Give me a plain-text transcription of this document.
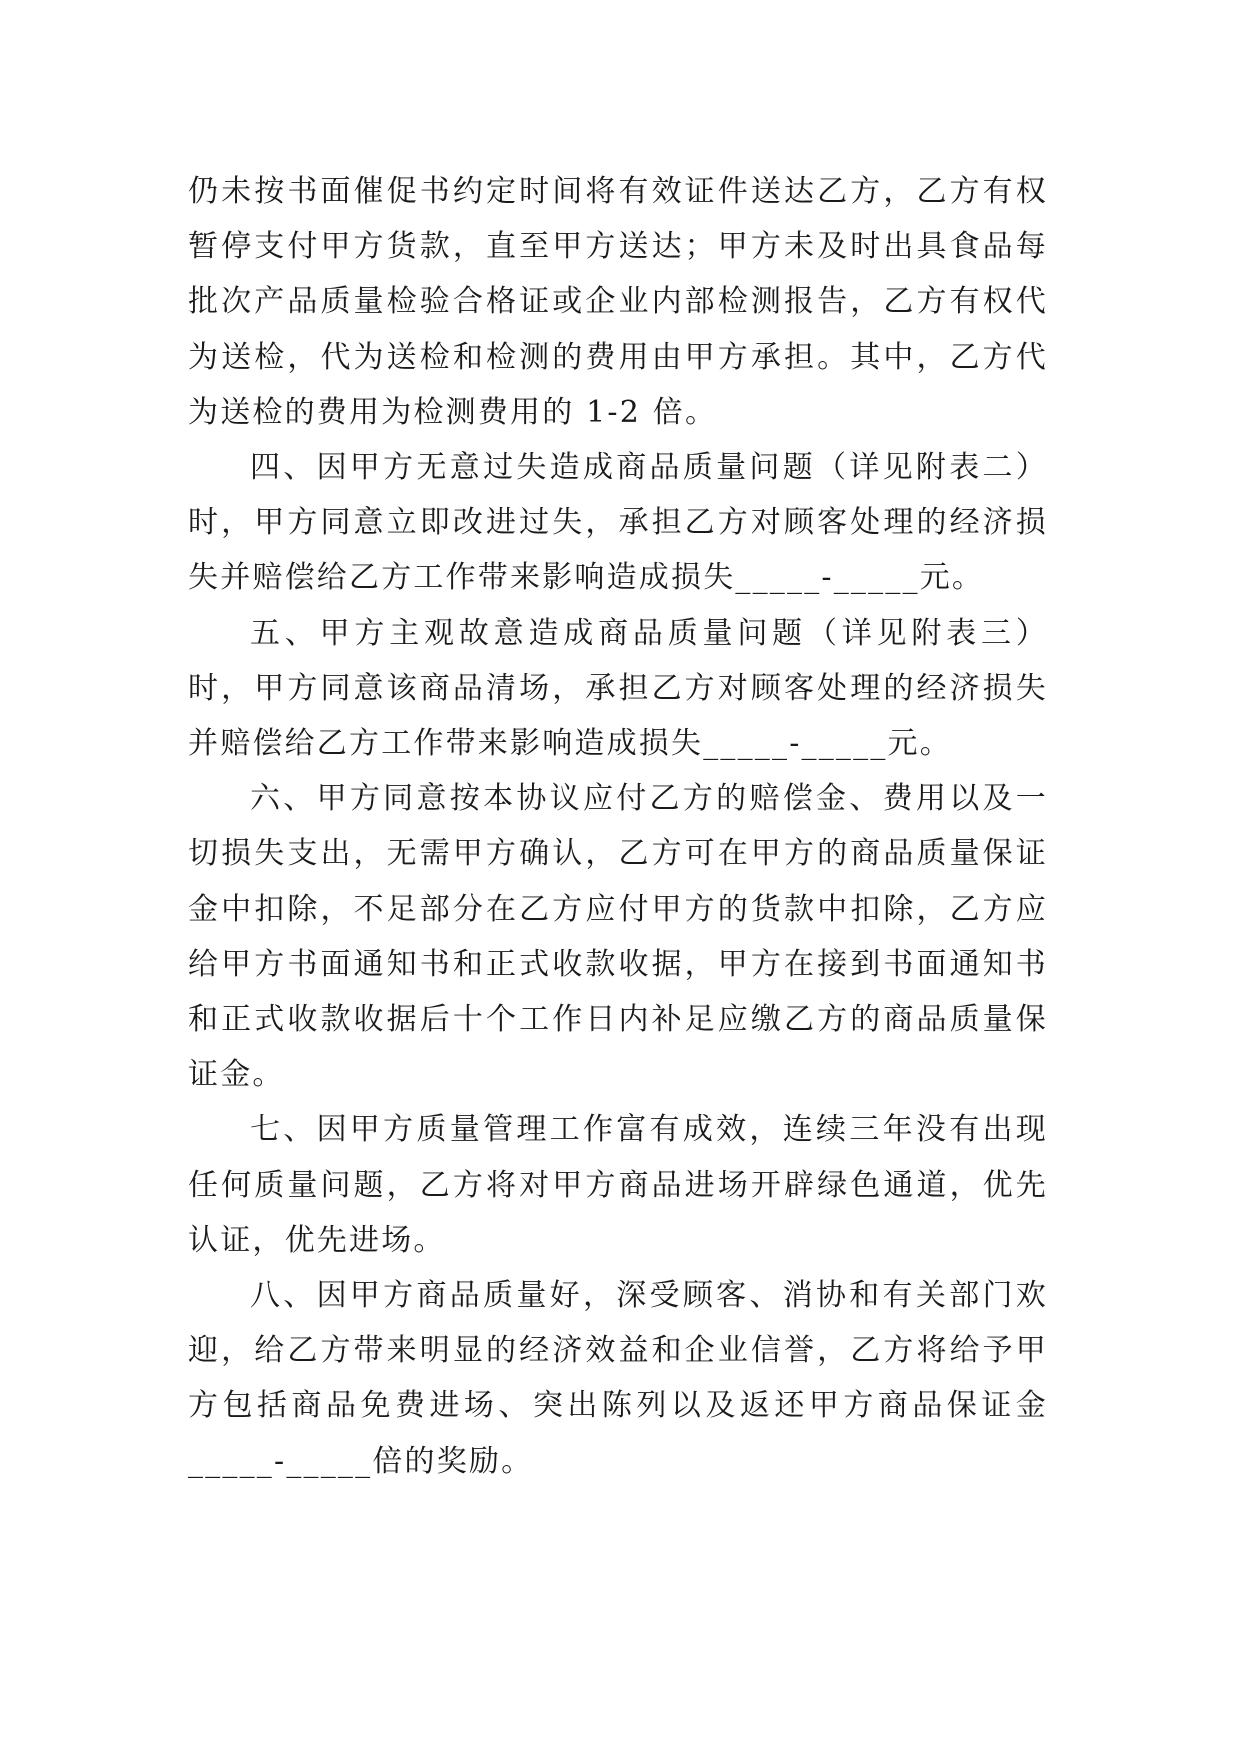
仍未按书面催促书约定时间将有效证件送达乙方，乙方有权暂停支付甲方货款，直至甲方送达；甲方未及时出具食品每批次产品质量检验合格证或企业内部检测报告，乙方有权代为送检，代为送检和检测的费用由甲方承担。其中，乙方代为送检的费用为检测费用的 1-2 倍。

四、因甲方无意过失造成商品质量问题（详见附表二）时，甲方同意立即改进过失，承担乙方对顾客处理的经济损失并赔偿给乙方工作带来影响造成损失_____-_____元。

五、甲方主观故意造成商品质量问题（详见附表三）时，甲方同意该商品清场，承担乙方对顾客处理的经济损失并赔偿给乙方工作带来影响造成损失_____-_____元。

六、甲方同意按本协议应付乙方的赔偿金、费用以及一切损失支出，无需甲方确认，乙方可在甲方的商品质量保证金中扣除，不足部分在乙方应付甲方的货款中扣除，乙方应给甲方书面通知书和正式收款收据，甲方在接到书面通知书和正式收款收据后十个工作日内补足应缴乙方的商品质量保证金。

七、因甲方质量管理工作富有成效，连续三年没有出现任何质量问题，乙方将对甲方商品进场开辟绿色通道，优先认证，优先进场。

八、因甲方商品质量好，深受顾客、消协和有关部门欢迎，给乙方带来明显的经济效益和企业信誉，乙方将给予甲方包括商品免费进场、突出陈列以及返还甲方商品保证金_____-_____倍的奖励。
